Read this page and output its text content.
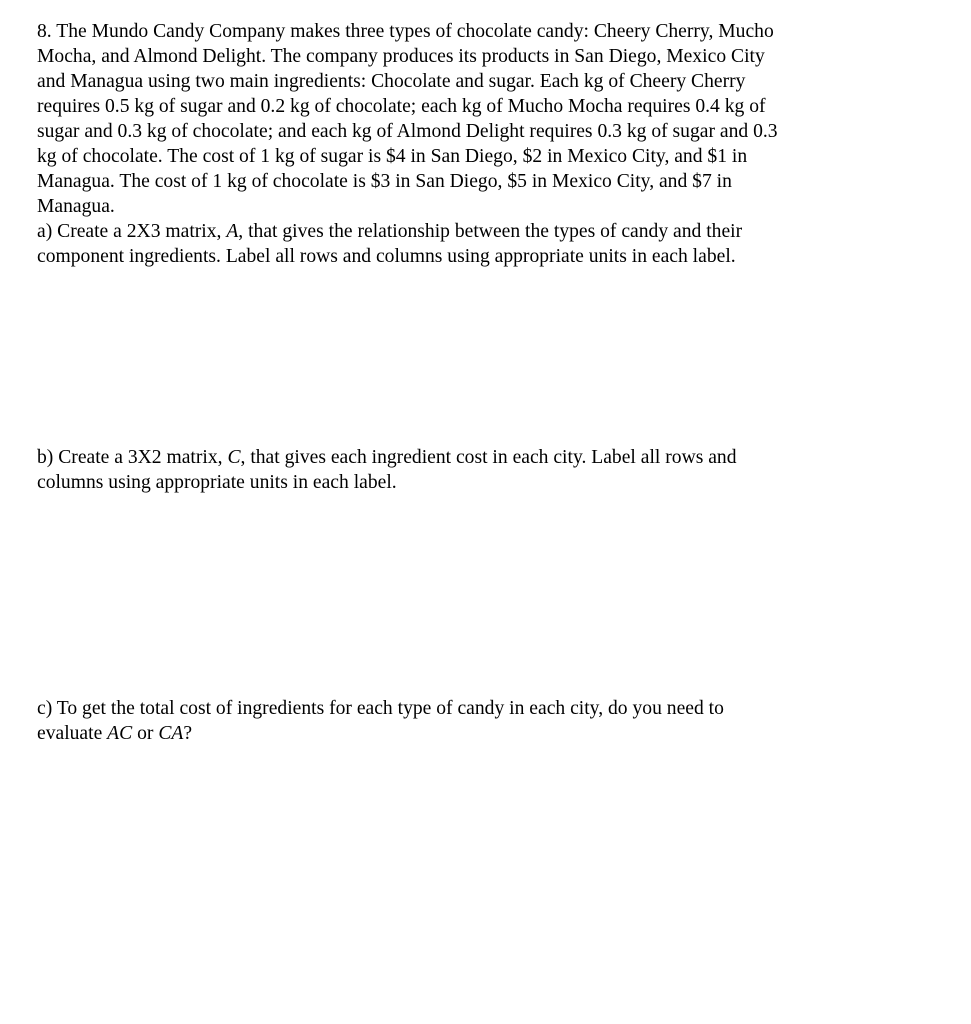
8. The Mundo Candy Company makes three types of chocolate candy: Cheery Cherry, Mucho
Mocha, and Almond Delight. The company produces its products in San Diego, Mexico City
and Managua using two main ingredients: Chocolate and sugar. Each kg of Cheery Cherry
requires 0.5 kg of sugar and 0.2 kg of chocolate; each kg of Mucho Mocha requires 0.4 kg of
sugar and 0.3 kg of chocolate; and each kg of Almond Delight requires 0.3 kg of sugar and 0.3
kg of chocolate. The cost of 1 kg of sugar is $4 in San Diego, $2 in Mexico City, and $1 in
Managua. The cost of 1 kg of chocolate is $3 in San Diego, $5 in Mexico City, and $7 in
Managua.
a) Create a 2X3 matrix, A, that gives the relationship between the types of candy and their
component ingredients. Label all rows and columns using appropriate units in each label.
b) Create a 3X2 matrix, C, that gives each ingredient cost in each city. Label all rows and
columns using appropriate units in each label.
c) To get the total cost of ingredients for each type of candy in each city, do you need to
evaluate AC or CA?
